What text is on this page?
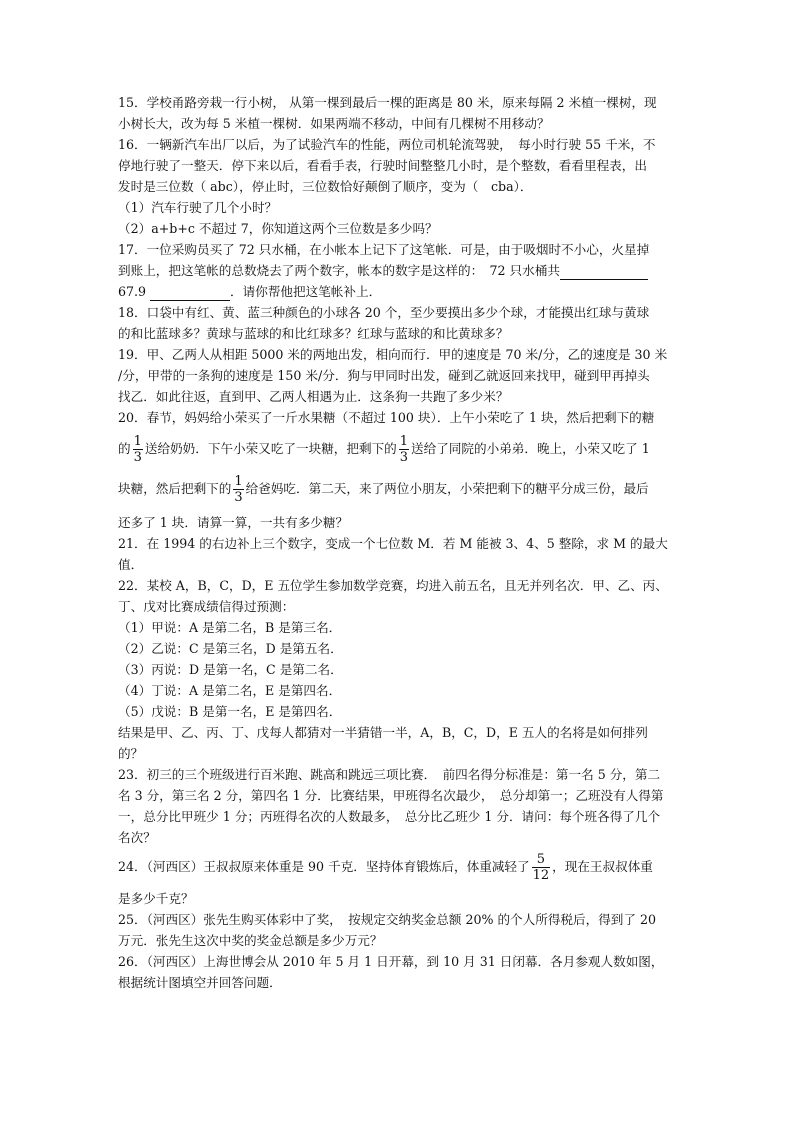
15．学校甬路旁栽一行小树， 从第一棵到最后一棵的距离是 80 米，原来每隔 2 米植一棵树，现
小树长大，改为每 5 米植一棵树．如果两端不移动，中间有几棵树不用移动？
16．一辆新汽车出厂以后，为了试验汽车的性能，两位司机轮流驾驶，　每小时行驶 55 千米，不
停地行驶了一整天．停下来以后，看看手表，行驶时间整整几小时，是个整数，看看里程表，出
发时是三位数（ abc），停止时，三位数恰好颠倒了顺序，变为（　cba）．
（1）汽车行驶了几个小时？
（2）a+b+c 不超过 7，你知道这两个三位数是多少吗？
17．一位采购员买了 72 只水桶，在小帐本上记下了这笔帐．可是，由于吸烟时不小心，火星掉
到账上，把这笔帐的总数烧去了两个数字，帐本的数字是这样的：　72 只水桶共
67.9	．请你帮他把这笔帐补上．
18．口袋中有红、黄、蓝三种颜色的小球各 20 个，至少要摸出多少个球，才能摸出红球与黄球
的和比蓝球多？黄球与蓝球的和比红球多？红球与蓝球的和比黄球多？
19．甲、乙两人从相距 5000 米的两地出发，相向而行．甲的速度是 70 米/分，乙的速度是 30 米
/分，甲带的一条狗的速度是 150 米/分．狗与甲同时出发，碰到乙就返回来找甲，碰到甲再掉头
找乙．如此往返，直到甲、乙两人相遇为止．这条狗一共跑了多少米？
20．春节，妈妈给小荣买了一斤水果糖（不超过 100 块）．上午小荣吃了 1 块，然后把剩下的糖
的 $\frac{1}{3}$ 送给奶奶．下午小荣又吃了一块糖，把剩下的 $\frac{1}{3}$ 送给了同院的小弟弟．晚上，小荣又吃了 1
块糖，然后把剩下的 $\frac{1}{3}$ 给爸妈吃．第二天，来了两位小朋友，小荣把剩下的糖平分成三份，最后
还多了 1 块．请算一算，一共有多少糖？
21．在 1994 的右边补上三个数字，变成一个七位数 M．若 M 能被 3、4、5 整除，求 M 的最大
值．
22．某校 A，B，C，D，E 五位学生参加数学竞赛，均进入前五名，且无并列名次．甲、乙、丙、
丁、戊对比赛成绩信得过预测：
（1）甲说：A 是第二名，B 是第三名．
（2）乙说：C 是第三名，D 是第五名．
（3）丙说：D 是第一名，C 是第二名．
（4）丁说：A 是第二名，E 是第四名．
（5）戊说：B 是第一名，E 是第四名．
结果是甲、乙、丙、丁、戊每人都猜对一半猜错一半，A，B，C，D，E 五人的名将是如何排列
的？
23．初三的三个班级进行百米跑、跳高和跳远三项比赛．　前四名得分标准是：第一名 5 分，第二
名 3 分，第三名 2 分，第四名 1 分．比赛结果，甲班得名次最少，　总分却第一；乙班没有人得第
一，总分比甲班少 1 分；丙班得名次的人数最多，　总分比乙班少 1 分．请问：每个班各得了几个
名次？
24．（河西区）王叔叔原来体重是 90 千克．坚持体育锻炼后，体重减轻了 $\frac{5}{12}$ ，现在王叔叔体重
是多少千克？
25．（河西区）张先生购买体彩中了奖，　按规定交纳奖金总额 20% 的个人所得税后，得到了 20
万元．张先生这次中奖的奖金总额是多少万元？
26．（河西区）上海世博会从 2010 年 5 月 1 日开幕，到 10 月 31 日闭幕．各月参观人数如图，
根据统计图填空并回答问题．
